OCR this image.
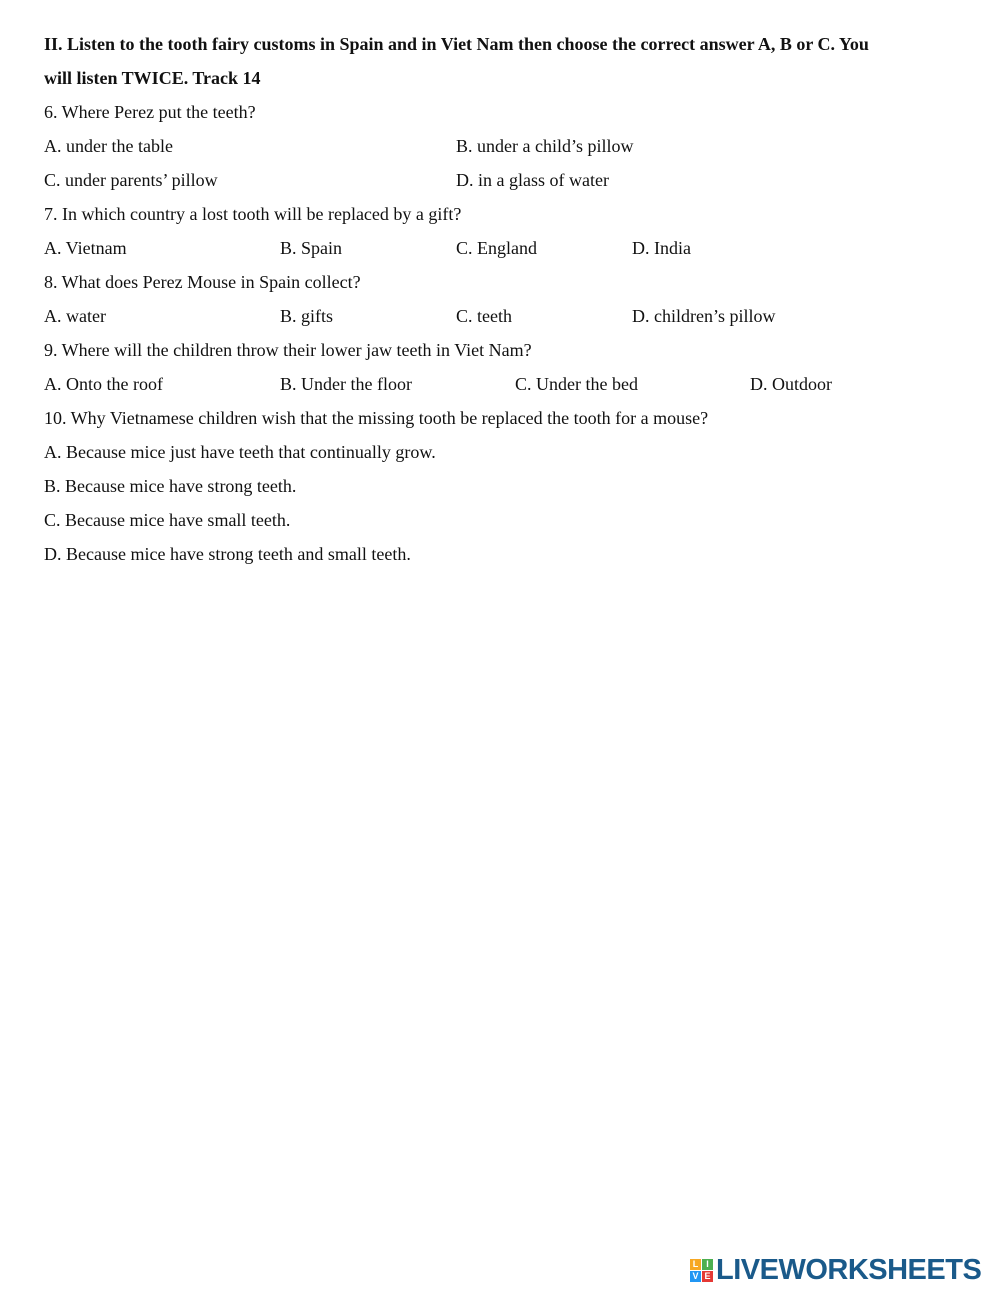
II. Listen to the tooth fairy customs in Spain and in Viet Nam then choose the correct answer A, B or C. You
will listen TWICE. Track 14

6. Where Perez put the teeth?
A. under the table	B. under a child’s pillow
C. under parents’ pillow	D. in a glass of water
7. In which country a lost tooth will be replaced by a gift?
A. Vietnam	B. Spain	C. England	D. India
8. What does Perez Mouse in Spain collect?
A. water	B. gifts	C. teeth	D. children’s pillow
9. Where will the children throw their lower jaw teeth in Viet Nam?
A. Onto the roof	B. Under the floor	C. Under the bed	D. Outdoor
10. Why Vietnamese children wish that the missing tooth be replaced the tooth for a mouse?
A. Because mice just have teeth that continually grow.
B. Because mice have strong teeth.
C. Because mice have small teeth.
D. Because mice have strong teeth and small teeth.
L I
V E LIVEWORKSHEETS
